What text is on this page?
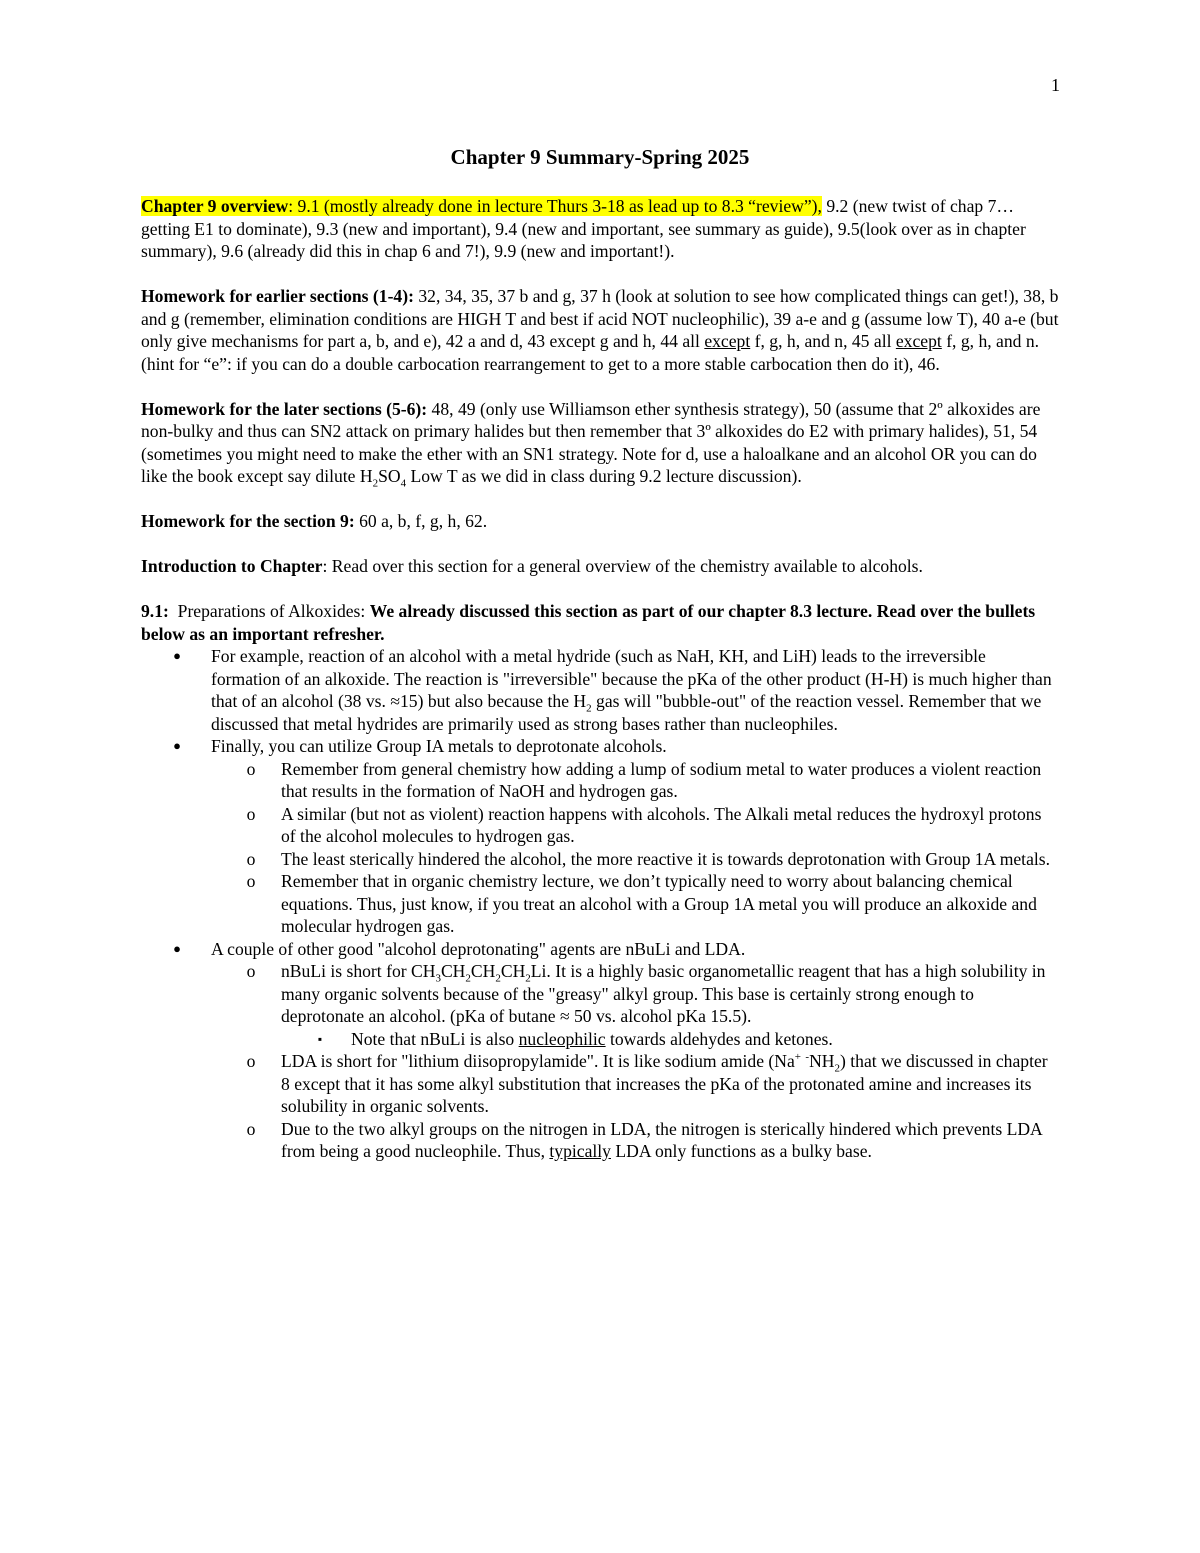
1
Chapter 9 Summary-Spring 2025

Chapter 9 overview: 9.1 (mostly already done in lecture Thurs 3-18 as lead up to 8.3 “review”), 9.2 (new twist of chap 7… getting E1 to dominate), 9.3 (new and important), 9.4 (new and important, see summary as guide), 9.5(look over as in chapter summary), 9.6 (already did this in chap 6 and 7!), 9.9 (new and important!).

Homework for earlier sections (1-4): 32, 34, 35, 37 b and g, 37 h (look at solution to see how complicated things can get!), 38, b and g (remember, elimination conditions are HIGH T and best if acid NOT nucleophilic), 39 a-e and g (assume low T), 40 a-e (but only give mechanisms for part a, b, and e), 42 a and d, 43 except g and h, 44 all except f, g, h, and n, 45 all except f, g, h, and n.(hint for “e”: if you can do a double carbocation rearrangement to get to a more stable carbocation then do it), 46.

Homework for the later sections (5-6): 48, 49 (only use Williamson ether synthesis strategy), 50 (assume that 2º alkoxides are non-bulky and thus can SN2 attack on primary halides but then remember that 3º alkoxides do E2 with primary halides), 51, 54 (sometimes you might need to make the ether with an SN1 strategy. Note for d, use a haloalkane and an alcohol OR you can do like the book except say dilute $H_2SO_4$ Low T as we did in class during 9.2 lecture discussion).

Homework for the section 9: 60 a, b, f, g, h, 62.

Introduction to Chapter: Read over this section for a general overview of the chemistry available to alcohols.

9.1:  Preparations of Alkoxides: We already discussed this section as part of our chapter 8.3 lecture. Read over the bullets below as an important refresher.

● For example, reaction of an alcohol with a metal hydride (such as NaH, KH, and LiH) leads to the irreversible formation of an alkoxide. The reaction is "irreversible" because the pKa of the other product (H-H) is much higher than that of an alcohol (38 vs. ≈15) but also because the $H_2$ gas will "bubble-out" of the reaction vessel. Remember that we discussed that metal hydrides are primarily used as strong bases rather than nucleophiles.
● Finally, you can utilize Group IA metals to deprotonate alcohols.
o Remember from general chemistry how adding a lump of sodium metal to water produces a violent reaction that results in the formation of NaOH and hydrogen gas.
o A similar (but not as violent) reaction happens with alcohols. The Alkali metal reduces the hydroxyl protons of the alcohol molecules to hydrogen gas.
o The least sterically hindered the alcohol, the more reactive it is towards deprotonation with Group 1A metals.
o Remember that in organic chemistry lecture, we don’t typically need to worry about balancing chemical equations. Thus, just know, if you treat an alcohol with a Group 1A metal you will produce an alkoxide and molecular hydrogen gas.
● A couple of other good "alcohol deprotonating" agents are nBuLi and LDA.
o nBuLi is short for $CH_3CH_2CH_2CH_2Li$. It is a highly basic organometallic reagent that has a high solubility in many organic solvents because of the "greasy" alkyl group. This base is certainly strong enough to deprotonate an alcohol. (pKa of butane ≈ 50 vs. alcohol pKa 15.5).
▪ Note that nBuLi is also nucleophilic towards aldehydes and ketones.
o LDA is short for "lithium diisopropylamide". It is like sodium amide (Na+ $^-NH_2$) that we discussed in chapter 8 except that it has some alkyl substitution that increases the pKa of the protonated amine and increases its solubility in organic solvents.
o Due to the two alkyl groups on the nitrogen in LDA, the nitrogen is sterically hindered which prevents LDA from being a good nucleophile. Thus, typically LDA only functions as a bulky base.
